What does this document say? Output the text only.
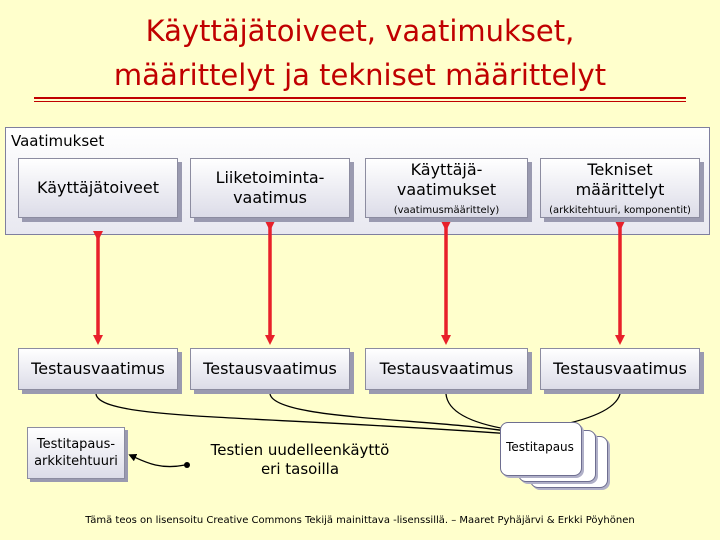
Käyttäjätoiveet, vaatimukset,
määrittelyt ja tekniset määrittelyt
Vaatimukset
Käyttäjätoiveet
Liiketoiminta-
vaatimus
Käyttäjä-
vaatimukset
(vaatimusmäärittely)
Tekniset
määrittelyt
(arkkitehtuuri, komponentit)
Testausvaatimus Testausvaatimus	Testausvaatimus Testausvaatimus
Testitapaus-
arkkitehtuuri
Testien uudelleenkäyttö
eri tasoilla
Testitapaus
Tämä teos on lisensoitu Creative Commons Tekijä mainittava -lisenssillä. – Maaret Pyhäjärvi & Erkki Pöyhönen
